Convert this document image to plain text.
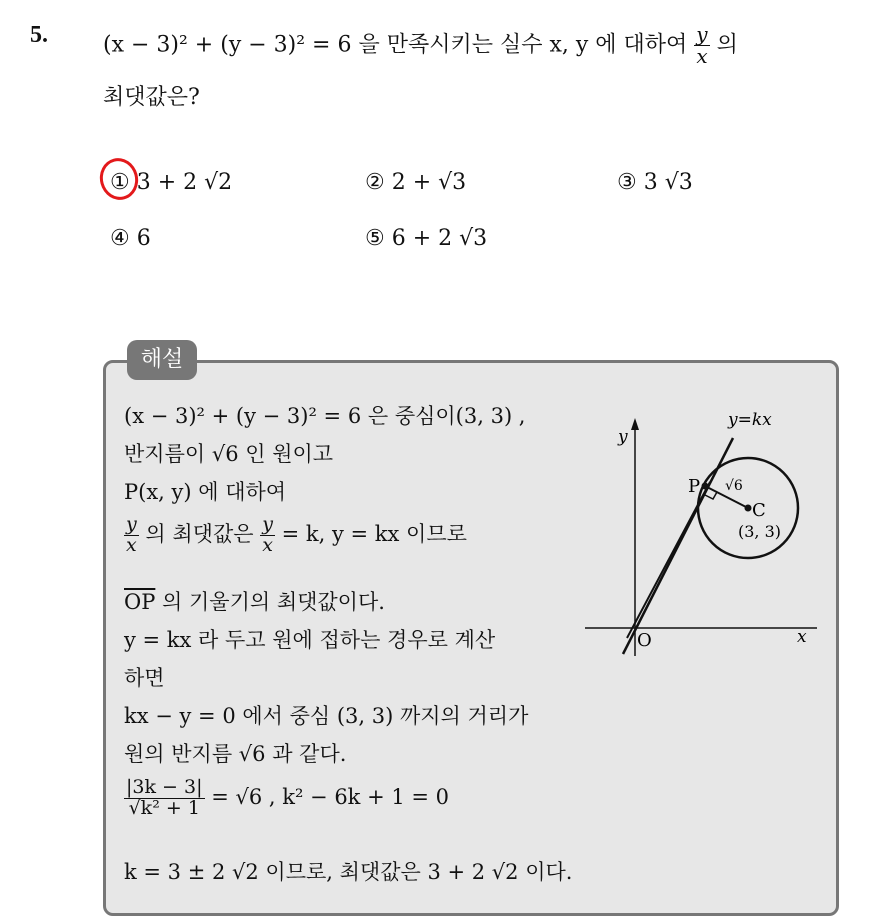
5.	(x − 3)² + (y − 3)² = 6 을 만족시키는 실수 x, y 에 대하여 $\frac{y}{x}$ 의
최댓값은?
① 3 + 2 √2	② 2 + √3	③ 3 √3
④ 6	⑤ 6 + 2 √3
해설
(x − 3)² + (y − 3)² = 6 은 중심이(3, 3) ,
반지름이 √6 인 원이고
P(x, y) 에 대하여
$\frac{y}{x}$ 의 최댓값은 $\frac{y}{x} = k$, y = kx 이므로
$\overline{OP}$ 의 기울기의 최댓값이다.
y = kx 라 두고 원에 접하는 경우로 계산
하면
kx − y = 0 에서 중심 (3, 3) 까지의 거리가
원의 반지름 √6 과 같다.
$\frac{|3k - 3|}{\text{√k² + 1}} = √6$ , k² − 6k + 1 = 0
k = 3 ± 2 √2 이므로, 최댓값은 3 + 2 √2 이다.
y=kx
y
x
O
P
C
(3, 3)
√6
